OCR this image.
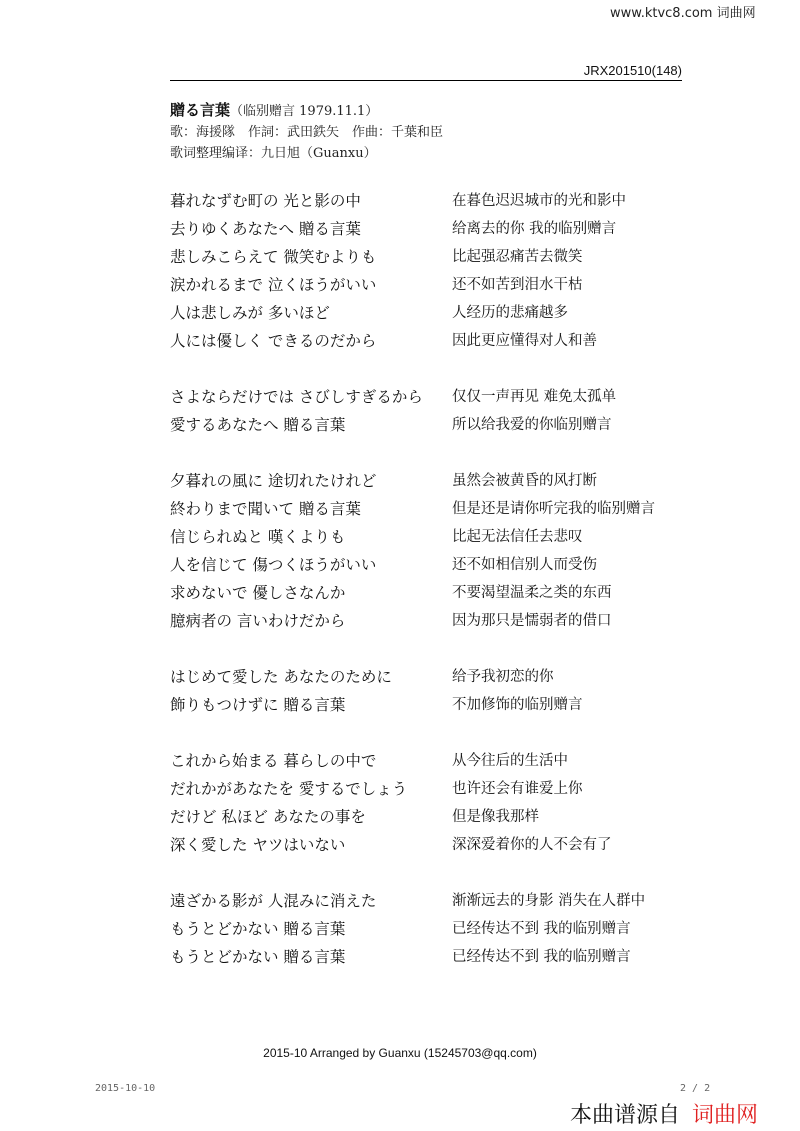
www.ktvc8.com 词曲网
JRX201510(148)
贈る言葉（临别赠言 1979.11.1）
歌：海援隊　作詞：武田鉄矢　作曲：千葉和臣
歌词整理编译：九日旭（Guanxu）
暮れなずむ町の 光と影の中	在暮色迟迟城市的光和影中
去りゆくあなたへ 贈る言葉	给离去的你 我的临别赠言
悲しみこらえて 微笑むよりも	比起强忍痛苦去微笑
涙かれるまで 泣くほうがいい	还不如苦到泪水干枯
人は悲しみが 多いほど	人经历的悲痛越多
人には優しく できるのだから	因此更应懂得对人和善
さよならだけでは さびしすぎるから	仅仅一声再见 难免太孤单
愛するあなたへ 贈る言葉	所以给我爱的你临别赠言
夕暮れの風に 途切れたけれど	虽然会被黄昏的风打断
終わりまで聞いて 贈る言葉	但是还是请你听完我的临别赠言
信じられぬと 嘆くよりも	比起无法信任去悲叹
人を信じて 傷つくほうがいい	还不如相信别人而受伤
求めないで 優しさなんか	不要渴望温柔之类的东西
臆病者の 言いわけだから	因为那只是懦弱者的借口
はじめて愛した あなたのために	给予我初恋的你
飾りもつけずに 贈る言葉	不加修饰的临别赠言
これから始まる 暮らしの中で	从今往后的生活中
だれかがあなたを 愛するでしょう	也许还会有谁爱上你
だけど 私ほど あなたの事を	但是像我那样
深く愛した ヤツはいない	深深爱着你的人不会有了
遠ざかる影が 人混みに消えた	渐渐远去的身影 消失在人群中
もうとどかない 贈る言葉	已经传达不到 我的临别赠言
もうとどかない 贈る言葉	已经传达不到 我的临别赠言
2015-10 Arranged by Guanxu (15245703@qq.com)
2015-10-10	2 / 2
本曲谱源自 词曲网
